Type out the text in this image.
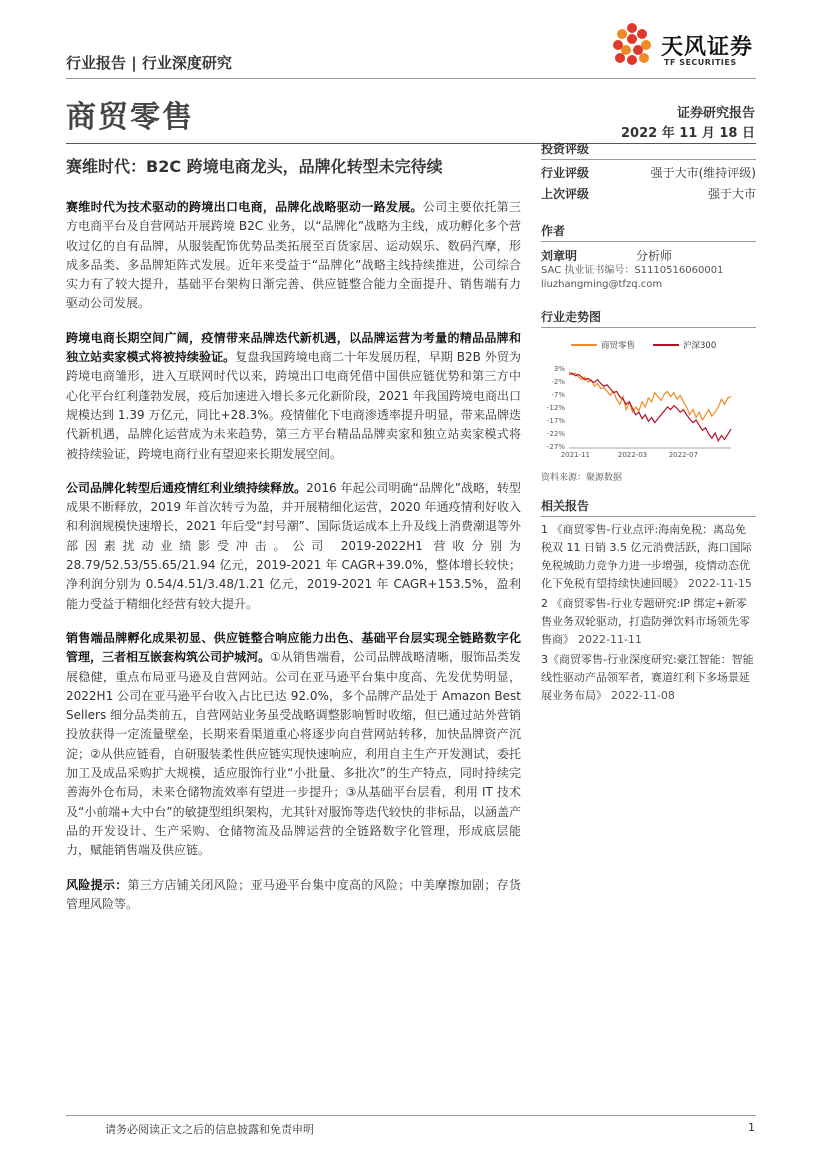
行业报告 | 行业深度研究
天风证券
TF SECURITIES
商贸零售	证券研究报告
2022 年 11 月 18 日
赛维时代：B2C 跨境电商龙头，品牌化转型未完待续

赛维时代为技术驱动的跨境出口电商，品牌化战略驱动一路发展。公司主要依托第三方电商平台及自营网站开展跨境 B2C 业务，以“品牌化”战略为主线，成功孵化多个营收过亿的自有品牌，从服装配饰优势品类拓展至百货家居、运动娱乐、数码汽摩，形成多品类、多品牌矩阵式发展。近年来受益于“品牌化”战略主线持续推进，公司综合实力有了较大提升，基础平台架构日渐完善、供应链整合能力全面提升、销售端有力驱动公司发展。

跨境电商长期空间广阔，疫情带来品牌迭代新机遇，以品牌运营为考量的精品品牌和独立站卖家模式将被持续验证。复盘我国跨境电商二十年发展历程，早期 B2B 外贸为跨境电商雏形，进入互联网时代以来，跨境出口电商凭借中国供应链优势和第三方中心化平台红利蓬勃发展，疫后加速进入增长多元化新阶段，2021 年我国跨境电商出口规模达到 1.39 万亿元，同比+28.3%。疫情催化下电商渗透率提升明显，带来品牌迭代新机遇，品牌化运营成为未来趋势，第三方平台精品品牌卖家和独立站卖家模式将被持续验证，跨境电商行业有望迎来长期发展空间。

公司品牌化转型后通疫情红利业绩持续释放。2016 年起公司明确“品牌化”战略，转型成果不断释放，2019 年首次转亏为盈，并开展精细化运营，2020 年通疫情利好收入和利润规模快速增长，2021 年后受“封号潮”、国际货运成本上升及线上消费潮退等外部因素扰动业绩影受冲击。公司 2019-2022H1 营收分别为 28.79/52.53/55.65/21.94 亿元，2019-2021 年 CAGR+39.0%，整体增长较快；净利润分别为 0.54/4.51/3.48/1.21 亿元，2019-2021 年 CAGR+153.5%，盈利能力受益于精细化经营有较大提升。

销售端品牌孵化成果初显、供应链整合响应能力出色、基础平台层实现全链路数字化管理，三者相互嵌套构筑公司护城河。①从销售端看，公司品牌战略清晰，服饰品类发展稳健，重点布局亚马逊及自营网站。公司在亚马逊平台集中度高、先发优势明显，2022H1 公司在亚马逊平台收入占比已达 92.0%，多个品牌产品处于 Amazon Best Sellers 细分品类前五，自营网站业务虽受战略调整影响暂时收缩，但已通过站外营销投放获得一定流量壁垒，长期来看渠道重心将逐步向自营网站转移，加快品牌资产沉淀；②从供应链看，自研服装柔性供应链实现快速响应，利用自主生产开发测试，委托加工及成品采购扩大规模，适应服饰行业“小批量、多批次”的生产特点，同时持续完善海外仓布局，未来仓储物流效率有望进一步提升；③从基础平台层看，利用 IT 技术及“小前端+大中台”的敏捷型组织架构，尤其针对服饰等迭代较快的非标品，以涵盖产品的开发设计、生产采购、仓储物流及品牌运营的全链路数字化管理，形成底层能力，赋能销售端及供应链。

风险提示：第三方店铺关闭风险；亚马逊平台集中度高的风险；中美摩擦加剧；存货管理风险等。

投资评级
行业评级	强于大市(维持评级)
上次评级	强于大市
作者
刘章明	分析师
SAC 执业证书编号：S1110516060001
liuzhangming@tfzq.com
行业走势图
商贸零售	沪深300
3%
-2%
-7%
-12%
-17%
-22%
-27%
2021-11	2022-03	2022-07
资料来源：聚源数据
相关报告
1 《商贸零售-行业点评:海南免税：离岛免税双 11 日销 3.5 亿元消费活跃，海口国际免税城助力竞争力进一步增强，疫情动态优化下免税有望持续快速回暖》 2022-11-15
2 《商贸零售-行业专题研究:IP 绑定+新零售业务双轮驱动，打造防弹饮料市场领先零售商》 2022-11-11
3《商贸零售-行业深度研究:豪江智能：智能线性驱动产品领军者，赛道红利下多场景延展业务布局》 2022-11-08
请务必阅读正文之后的信息披露和免责申明	1
